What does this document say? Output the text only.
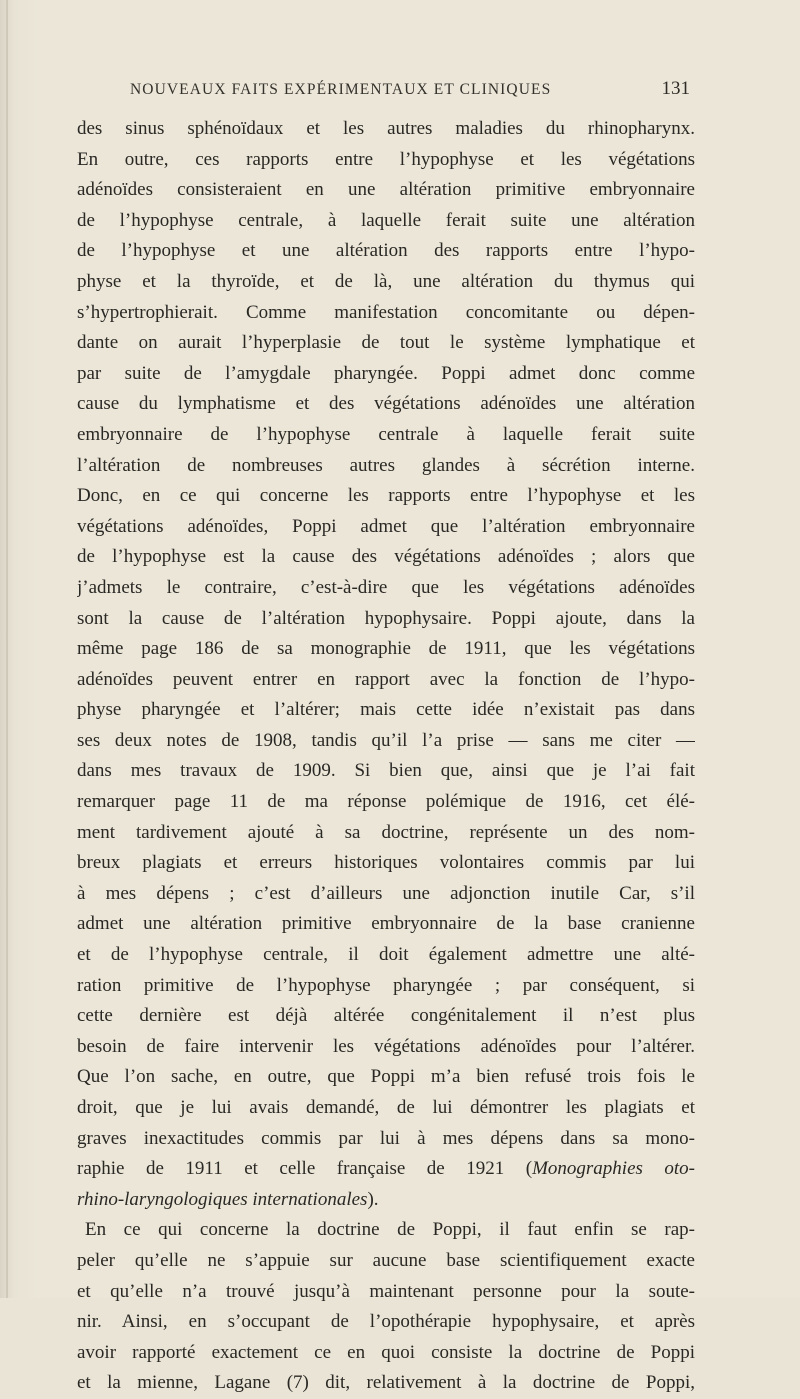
NOUVEAUX FAITS EXPÉRIMENTAUX ET CLINIQUES	131
des sinus sphénoïdaux et les autres maladies du rhinopharynx.
En outre, ces rapports entre l’hypophyse et les végétations
adénoïdes consisteraient en une altération primitive embryonnaire
de l’hypophyse centrale, à laquelle ferait suite une altération
de l’hypophyse et une altération des rapports entre l’hypo-
physe et la thyroïde, et de là, une altération du thymus qui
s’hypertrophierait. Comme manifestation concomitante ou dépen-
dante on aurait l’hyperplasie de tout le système lymphatique et
par suite de l’amygdale pharyngée. Poppi admet donc comme
cause du lymphatisme et des végétations adénoïdes une altération
embryonnaire de l’hypophyse centrale à laquelle ferait suite
l’altération de nombreuses autres glandes à sécrétion interne.
Donc, en ce qui concerne les rapports entre l’hypophyse et les
végétations adénoïdes, Poppi admet que l’altération embryonnaire
de l’hypophyse est la cause des végétations adénoïdes ; alors que
j’admets le contraire, c’est-à-dire que les végétations adénoïdes
sont la cause de l’altération hypophysaire. Poppi ajoute, dans la
même page 186 de sa monographie de 1911, que les végétations
adénoïdes peuvent entrer en rapport avec la fonction de l’hypo-
physe pharyngée et l’altérer; mais cette idée n’existait pas dans
ses deux notes de 1908, tandis qu’il l’a prise — sans me citer —
dans mes travaux de 1909. Si bien que, ainsi que je l’ai fait
remarquer page 11 de ma réponse polémique de 1916, cet élé-
ment tardivement ajouté à sa doctrine, représente un des nom-
breux plagiats et erreurs historiques volontaires commis par lui
à mes dépens ; c’est d’ailleurs une adjonction inutile Car, s’il
admet une altération primitive embryonnaire de la base cranienne
et de l’hypophyse centrale, il doit également admettre une alté-
ration primitive de l’hypophyse pharyngée ; par conséquent, si
cette dernière est déjà altérée congénitalement il n’est plus
besoin de faire intervenir les végétations adénoïdes pour l’altérer.
Que l’on sache, en outre, que Poppi m’a bien refusé trois fois le
droit, que je lui avais demandé, de lui démontrer les plagiats et
graves inexactitudes commis par lui à mes dépens dans sa mono-
raphie de 1911 et celle française de 1921 (Monographies oto-
rhino-laryngologiques internationales).
En ce qui concerne la doctrine de Poppi, il faut enfin se rap-
peler qu’elle ne s’appuie sur aucune base scientifiquement exacte
et qu’elle n’a trouvé jusqu’à maintenant personne pour la soute-
nir. Ainsi, en s’occupant de l’opothérapie hypophysaire, et après
avoir rapporté exactement ce en quoi consiste la doctrine de Poppi
et la mienne, Lagane (7) dit, relativement à la doctrine de Poppi,
